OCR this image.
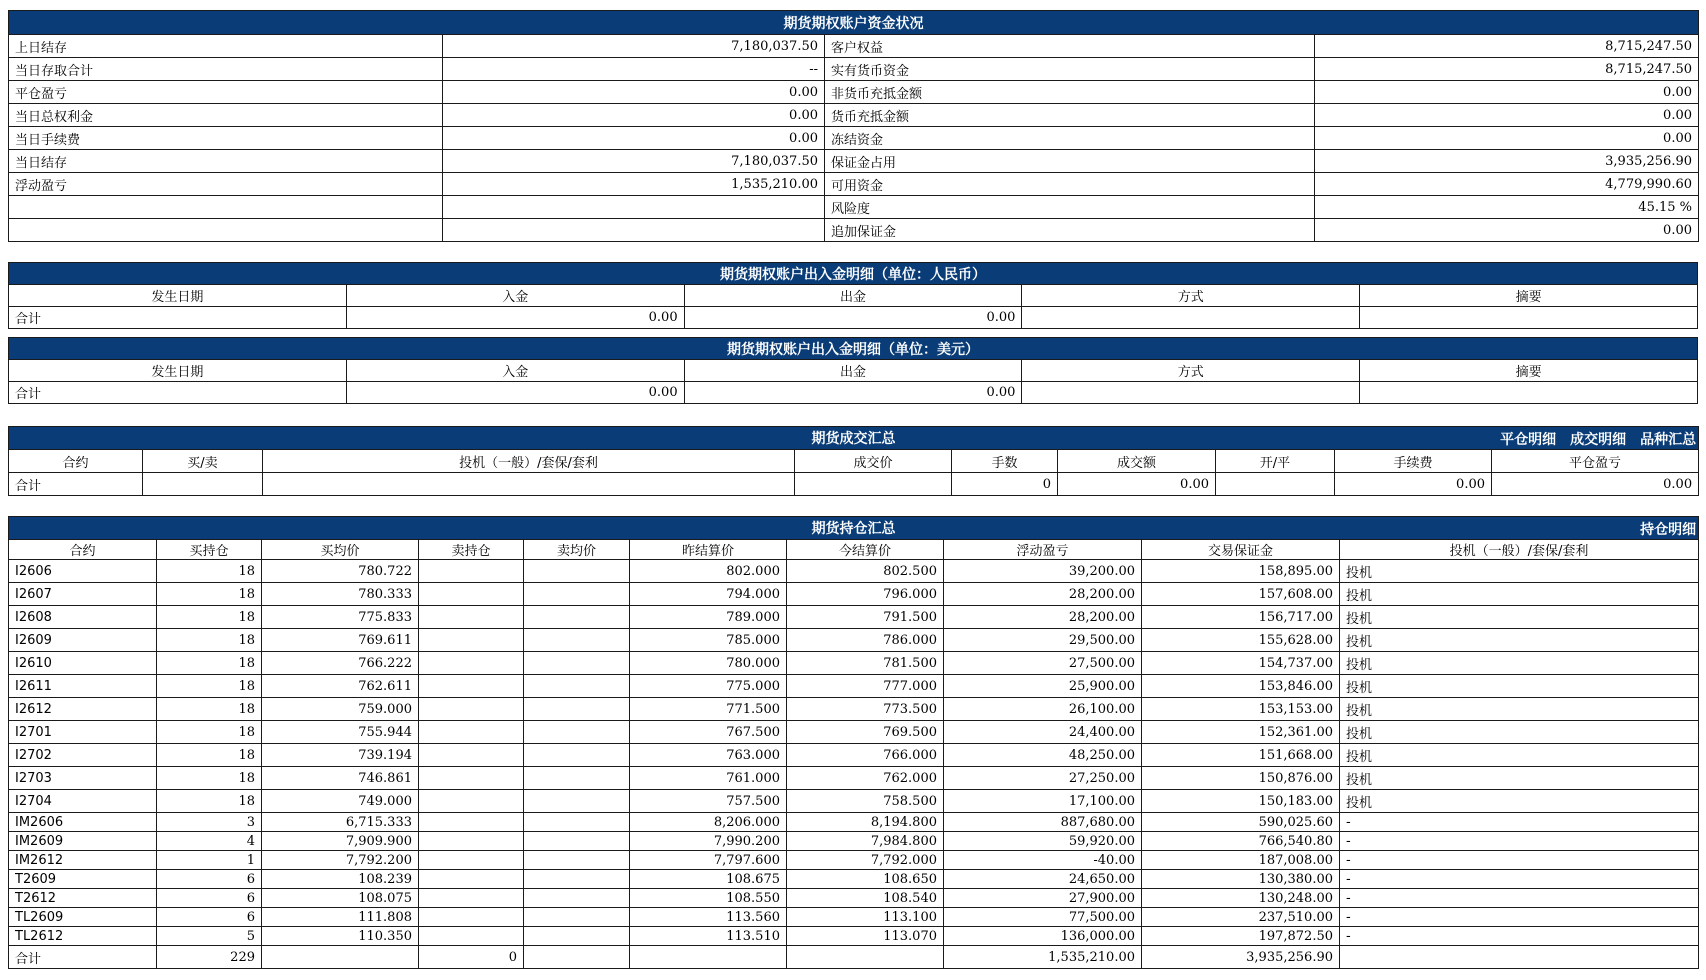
期货期权账户资金状况			
上日结存	7,180,037.50	客户权益	8,715,247.50
当日存取合计	--	实有货币资金	8,715,247.50
平仓盈亏	0.00	非货币充抵金额	0.00
当日总权利金	0.00	货币充抵金额	0.00
当日手续费	0.00	冻结资金	0.00
当日结存	7,180,037.50	保证金占用	3,935,256.90
浮动盈亏	1,535,210.00	可用资金	4,779,990.60
		风险度	45.15 %
		追加保证金	0.00
期货期权账户出入金明细（单位：人民币）				
发生日期	入金	出金	方式	摘要
合计	0.00	0.00		
期货期权账户出入金明细（单位：美元）				
发生日期	入金	出金	方式	摘要
合计	0.00	0.00		
期货成交汇总 平仓明细 成交明细 品种汇总								

合约	买/卖	投机（一般）/套保/套利	成交价	手数	成交额	开/平	手续费	平仓盈亏
合计				0	0.00		0.00	0.00
期货持仓汇总 持仓明细									

合约	买持仓	买均价	卖持仓	卖均价	昨结算价	今结算价	浮动盈亏	交易保证金	投机（一般）/套保/套利
I2606	18	780.722			802.000	802.500	39,200.00	158,895.00	投机
I2607	18	780.333			794.000	796.000	28,200.00	157,608.00	投机
I2608	18	775.833			789.000	791.500	28,200.00	156,717.00	投机
I2609	18	769.611			785.000	786.000	29,500.00	155,628.00	投机
I2610	18	766.222			780.000	781.500	27,500.00	154,737.00	投机
I2611	18	762.611			775.000	777.000	25,900.00	153,846.00	投机
I2612	18	759.000			771.500	773.500	26,100.00	153,153.00	投机
I2701	18	755.944			767.500	769.500	24,400.00	152,361.00	投机
I2702	18	739.194			763.000	766.000	48,250.00	151,668.00	投机
I2703	18	746.861			761.000	762.000	27,250.00	150,876.00	投机
I2704	18	749.000			757.500	758.500	17,100.00	150,183.00	投机
IM2606	3	6,715.333			8,206.000	8,194.800	887,680.00	590,025.60	-
IM2609	4	7,909.900			7,990.200	7,984.800	59,920.00	766,540.80	-
IM2612	1	7,792.200			7,797.600	7,792.000	-40.00	187,008.00	-
T2609	6	108.239			108.675	108.650	24,650.00	130,380.00	-
T2612	6	108.075			108.550	108.540	27,900.00	130,248.00	-
TL2609	6	111.808			113.560	113.100	77,500.00	237,510.00	-
TL2612	5	110.350			113.510	113.070	136,000.00	197,872.50	-
合计	229		0				1,535,210.00	3,935,256.90	
